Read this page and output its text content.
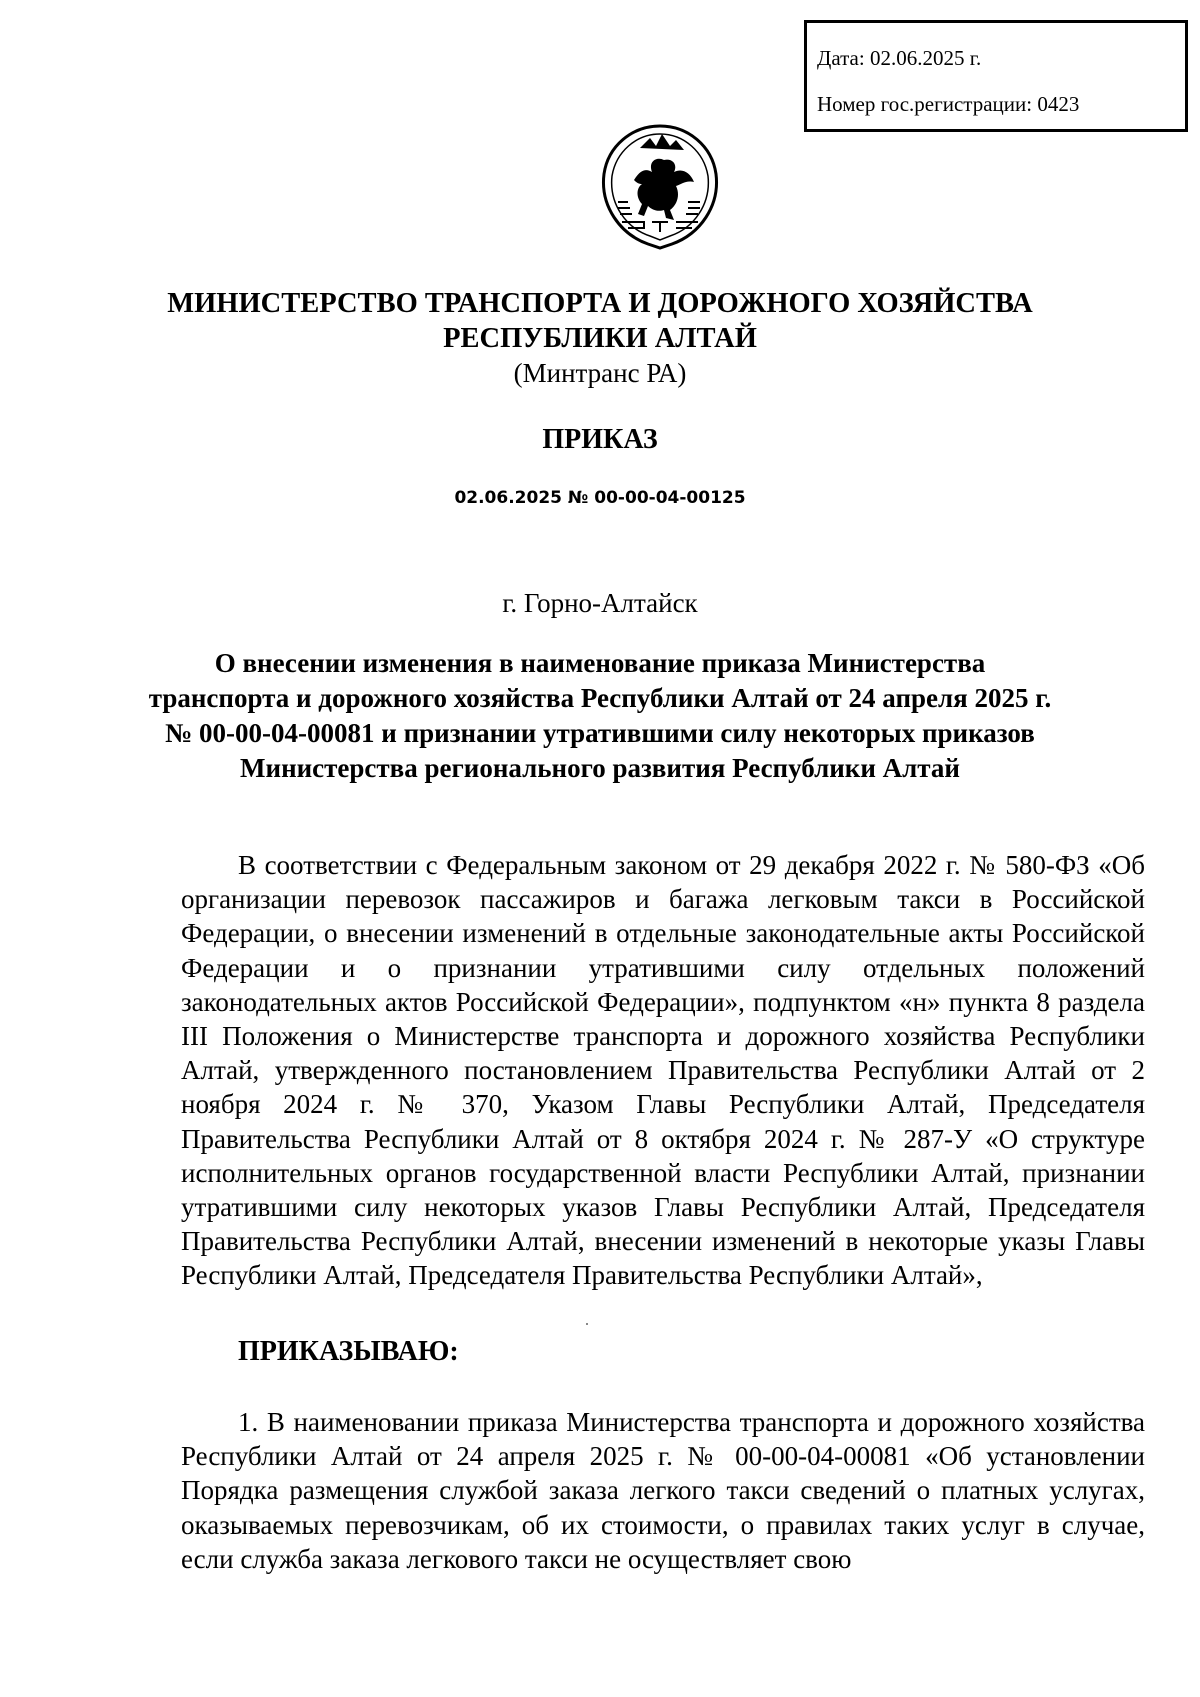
Дата: 02.06.2025 г.
Номер гос.регистрации: 0423
МИНИСТЕРСТВО ТРАНСПОРТА И ДОРОЖНОГО ХОЗЯЙСТВА
РЕСПУБЛИКИ АЛТАЙ
(Минтранс РА)
ПРИКАЗ
02.06.2025 № 00-00-04-00125
г. Горно-Алтайск
О внесении изменения в наименование приказа Министерства
транспорта и дорожного хозяйства Республики Алтай от 24 апреля 2025 г.
№ 00-00-04-00081 и признании утратившими силу некоторых приказов
Министерства регионального развития Республики Алтай
В соответствии с Федеральным законом от 29 декабря 2022 г. № 580-ФЗ «Об организации перевозок пассажиров и багажа легковым такси в Российской Федерации, о внесении изменений в отдельные законодательные акты Российской Федерации и о признании утратившими силу отдельных положений законодательных актов Российской Федерации», подпунктом «н» пункта 8 раздела III Положения о Министерстве транспорта и дорожного хозяйства Республики Алтай, утвержденного постановлением Правительства Республики Алтай от 2 ноября 2024 г. № 370, Указом Главы Республики Алтай, Председателя Правительства Республики Алтай от 8 октября 2024 г. № 287-У «О структуре исполнительных органов государственной власти Республики Алтай, признании утратившими силу некоторых указов Главы Республики Алтай, Председателя Правительства Республики Алтай, внесении изменений в некоторые указы Главы Республики Алтай, Председателя Правительства Республики Алтай»,
ПРИКАЗЫВАЮ:
1. В наименовании приказа Министерства транспорта и дорожного хозяйства Республики Алтай от 24 апреля 2025 г. № 00-00-04-00081 «Об установлении Порядка размещения службой заказа легкого такси сведений о платных услугах, оказываемых перевозчикам, об их стоимости, о правилах таких услуг в случае, если служба заказа легкового такси не осуществляет свою
